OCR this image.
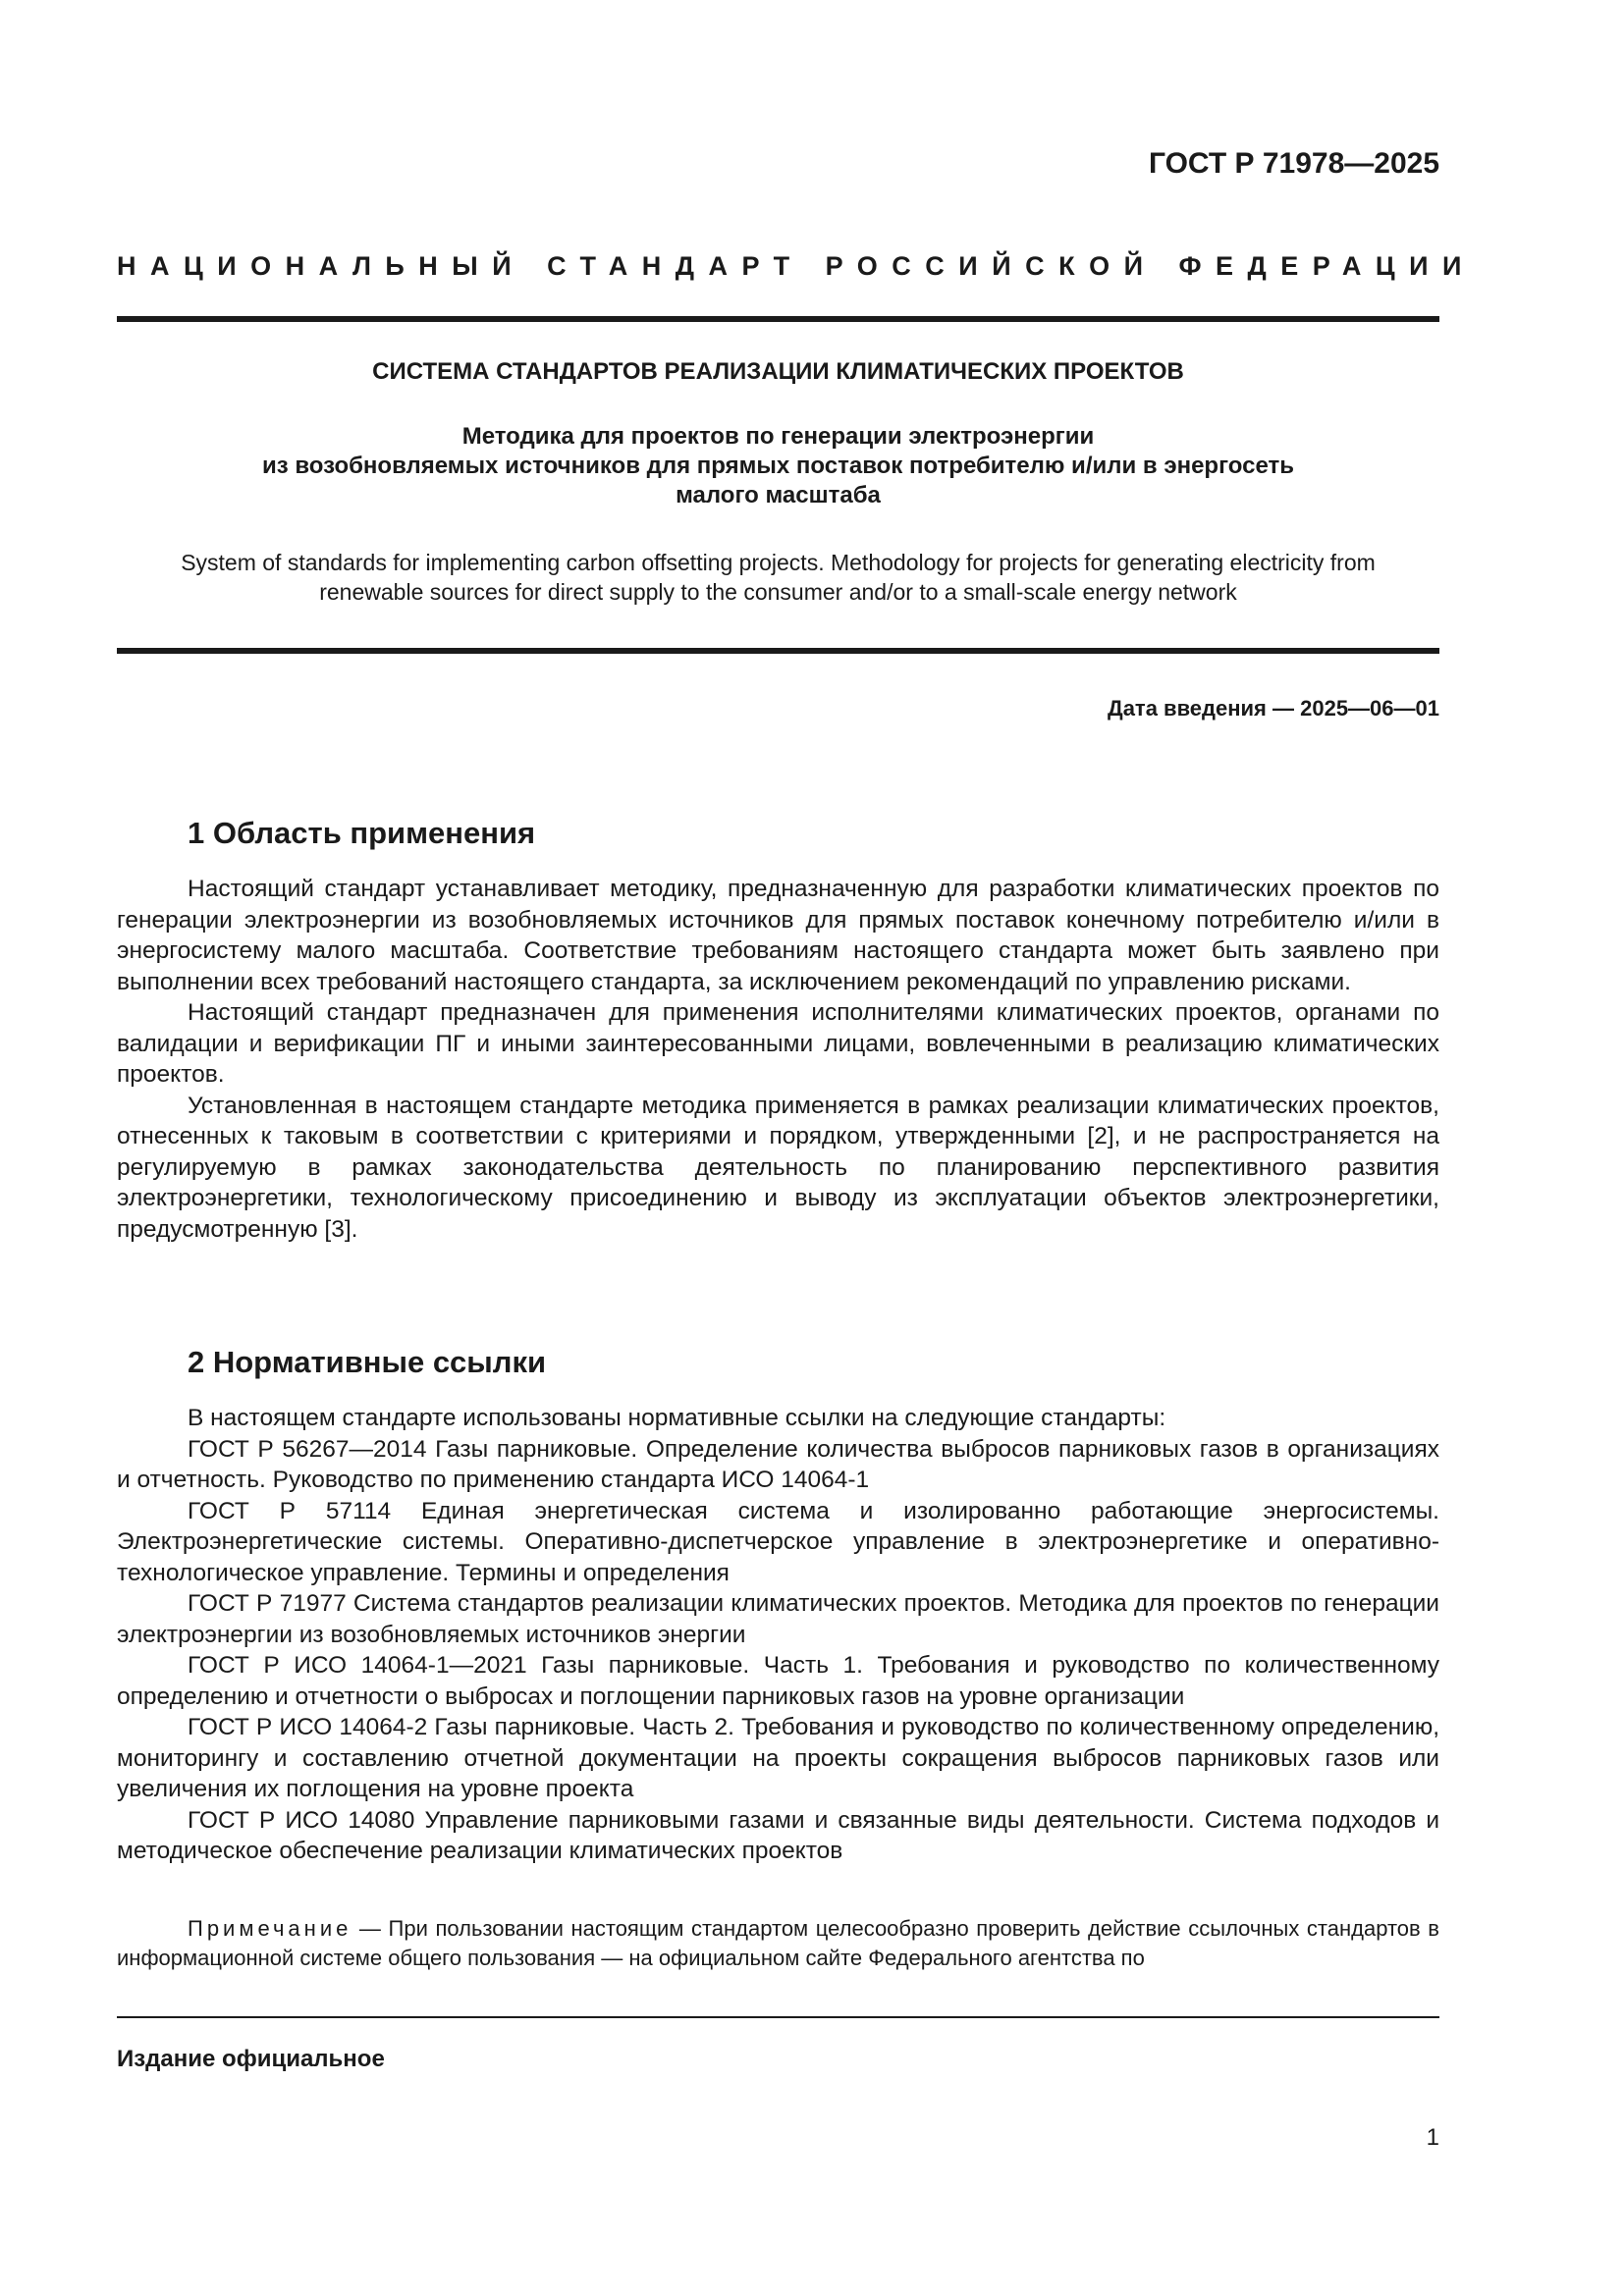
ГОСТ Р 71978—2025
НАЦИОНАЛЬНЫЙ СТАНДАРТ РОССИЙСКОЙ ФЕДЕРАЦИИ
СИСТЕМА СТАНДАРТОВ РЕАЛИЗАЦИИ КЛИМАТИЧЕСКИХ ПРОЕКТОВ
Методика для проектов по генерации электроэнергии
из возобновляемых источников для прямых поставок потребителю и/или в энергосеть
малого масштаба
System of standards for implementing carbon offsetting projects. Methodology for projects for generating electricity from
renewable sources for direct supply to the consumer and/or to a small-scale energy network
Дата введения — 2025—06—01
1 Область применения

Настоящий стандарт устанавливает методику, предназначенную для разработки климатических проектов по генерации электроэнергии из возобновляемых источников для прямых поставок конечному потребителю и/или в энергосистему малого масштаба. Соответствие требованиям настоящего стандарта может быть заявлено при выполнении всех требований настоящего стандарта, за исключением рекомендаций по управлению рисками.

Настоящий стандарт предназначен для применения исполнителями климатических проектов, органами по валидации и верификации ПГ и иными заинтересованными лицами, вовлеченными в реализацию климатических проектов.

Установленная в настоящем стандарте методика применяется в рамках реализации климатических проектов, отнесенных к таковым в соответствии с критериями и порядком, утвержденными [2], и не распространяется на регулируемую в рамках законодательства деятельность по планированию перспективного развития электроэнергетики, технологическому присоединению и выводу из эксплуатации объектов электроэнергетики, предусмотренную [3].

2 Нормативные ссылки

В настоящем стандарте использованы нормативные ссылки на следующие стандарты:

ГОСТ Р 56267—2014 Газы парниковые. Определение количества выбросов парниковых газов в организациях и отчетность. Руководство по применению стандарта ИСО 14064-1

ГОСТ Р 57114 Единая энергетическая система и изолированно работающие энергосистемы. Электроэнергетические системы. Оперативно-диспетчерское управление в электроэнергетике и оперативно-технологическое управление. Термины и определения

ГОСТ Р 71977 Система стандартов реализации климатических проектов. Методика для проектов по генерации электроэнергии из возобновляемых источников энергии

ГОСТ Р ИСО 14064-1—2021 Газы парниковые. Часть 1. Требования и руководство по количественному определению и отчетности о выбросах и поглощении парниковых газов на уровне организации

ГОСТ Р ИСО 14064-2 Газы парниковые. Часть 2. Требования и руководство по количественному определению, мониторингу и составлению отчетной документации на проекты сокращения выбросов парниковых газов или увеличения их поглощения на уровне проекта

ГОСТ Р ИСО 14080 Управление парниковыми газами и связанные виды деятельности. Система подходов и методическое обеспечение реализации климатических проектов

Примечание — При пользовании настоящим стандартом целесообразно проверить действие ссылочных стандартов в информационной системе общего пользования — на официальном сайте Федерального агентства по

Издание официальное
1
